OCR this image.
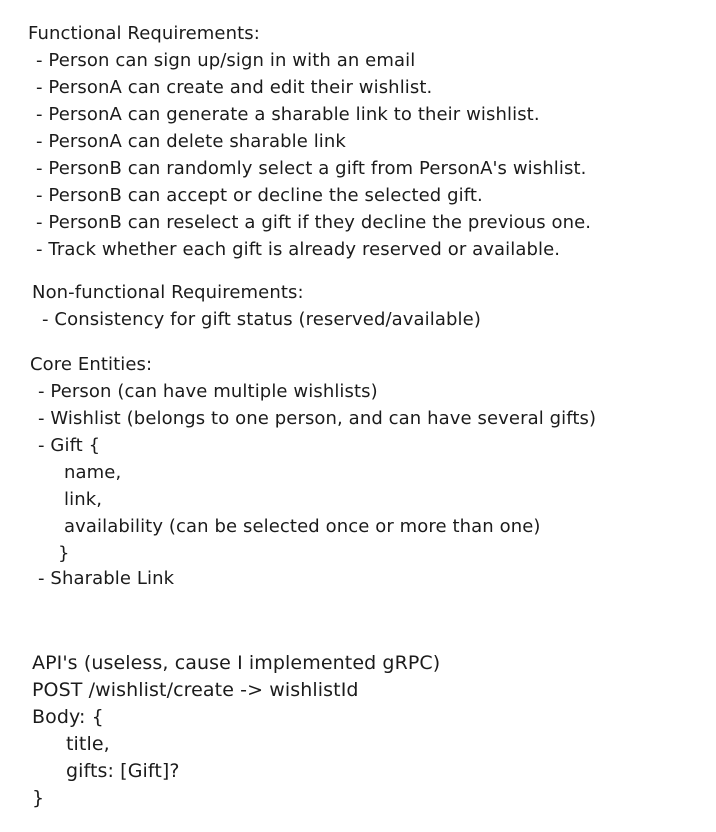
Functional Requirements:
- Person can sign up/sign in with an email
- PersonA can create and edit their wishlist.
- PersonA can generate a sharable link to their wishlist.
- PersonA can delete sharable link
- PersonB can randomly select a gift from PersonA's wishlist.
- PersonB can accept or decline the selected gift.
- PersonB can reselect a gift if they decline the previous one.
- Track whether each gift is already reserved or available.
Non-functional Requirements:
- Consistency for gift status (reserved/available)
Core Entities:
- Person (can have multiple wishlists)
- Wishlist (belongs to one person, and can have several gifts)
- Gift {
name,
link,
availability (can be selected once or more than one)
}
- Sharable Link
API's (useless, cause I implemented gRPC)
POST /wishlist/create -> wishlistId
Body: {
title,
gifts: [Gift]?
}
